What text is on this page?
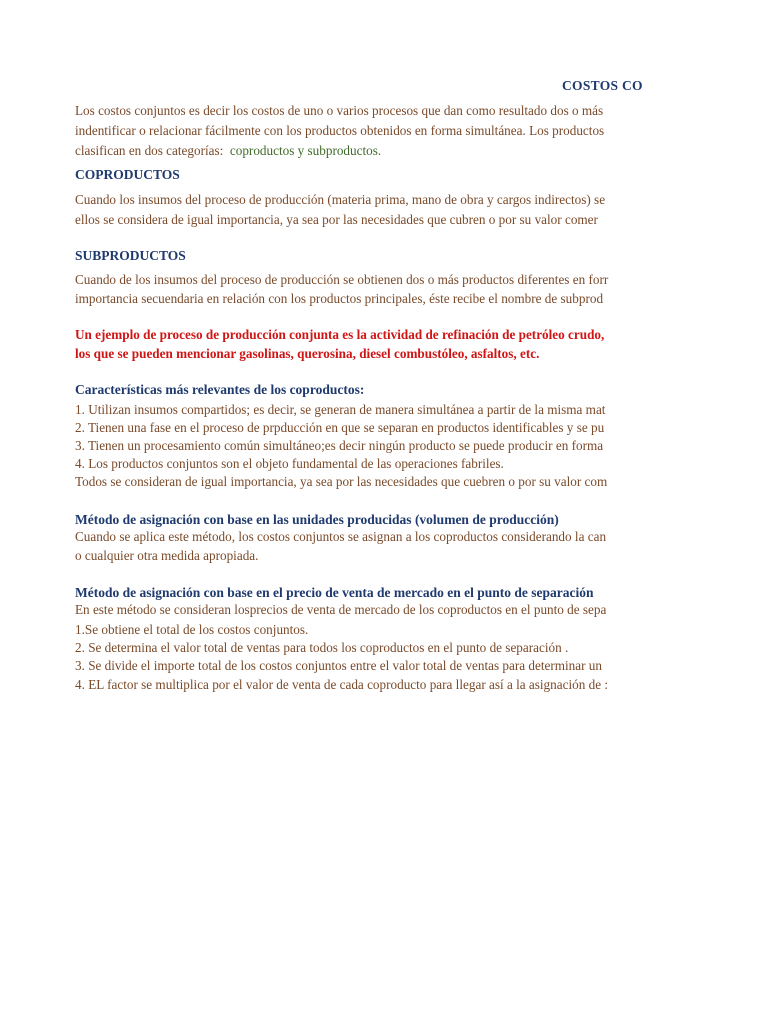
COSTOS CO
Los costos conjuntos es decir los costos de uno o varios procesos que dan como resultado dos o más
indentificar o relacionar fácilmente con los productos obtenidos en forma simultánea. Los productos
clasifican en dos categorías: coproductos y subproductos.
COPRODUCTOS
Cuando los insumos del proceso de producción (materia prima, mano de obra y cargos indirectos) se
ellos se considera de igual importancia, ya sea por las necesidades que cubren o por su valor comer
SUBPRODUCTOS
Cuando de los insumos del proceso de producción se obtienen dos o más productos diferentes en forr
importancia secuendaria en relación con los productos principales, éste recibe el nombre de subprod
Un ejemplo de proceso de producción conjunta es la actividad de refinación de petróleo crudo,
los que se pueden mencionar gasolinas, querosina, diesel combustóleo, asfaltos, etc.
Características más relevantes de los coproductos:
1. Utilizan insumos compartidos; es decir, se generan de manera simultánea a partir de la misma mat
2. Tienen una fase en el proceso de prpducción en que se separan en productos identificables y se pu
3. Tienen un procesamiento común simultáneo;es decir ningún producto se puede producir en forma
4. Los productos conjuntos son el objeto fundamental de las operaciones fabriles.
Todos se consideran de igual importancia, ya sea por las necesidades que cuebren o por su valor com
Método de asignación con base en las unidades producidas (volumen de producción)
Cuando se aplica este método, los costos conjuntos se asignan a los coproductos considerando la can
o cualquier otra medida apropiada.
Método de asignación con base en el precio de venta de mercado en el punto de separación
En este método se consideran losprecios de venta de mercado de los coproductos en el punto de sepa
1.Se obtiene el total de los costos conjuntos.
2. Se determina el valor total de ventas para todos los coproductos en el punto de separación .
3. Se divide el importe total de los costos conjuntos entre el valor total de ventas para determinar un
4. EL factor se multiplica por el valor de venta de cada coproducto para llegar así a la asignación de :
